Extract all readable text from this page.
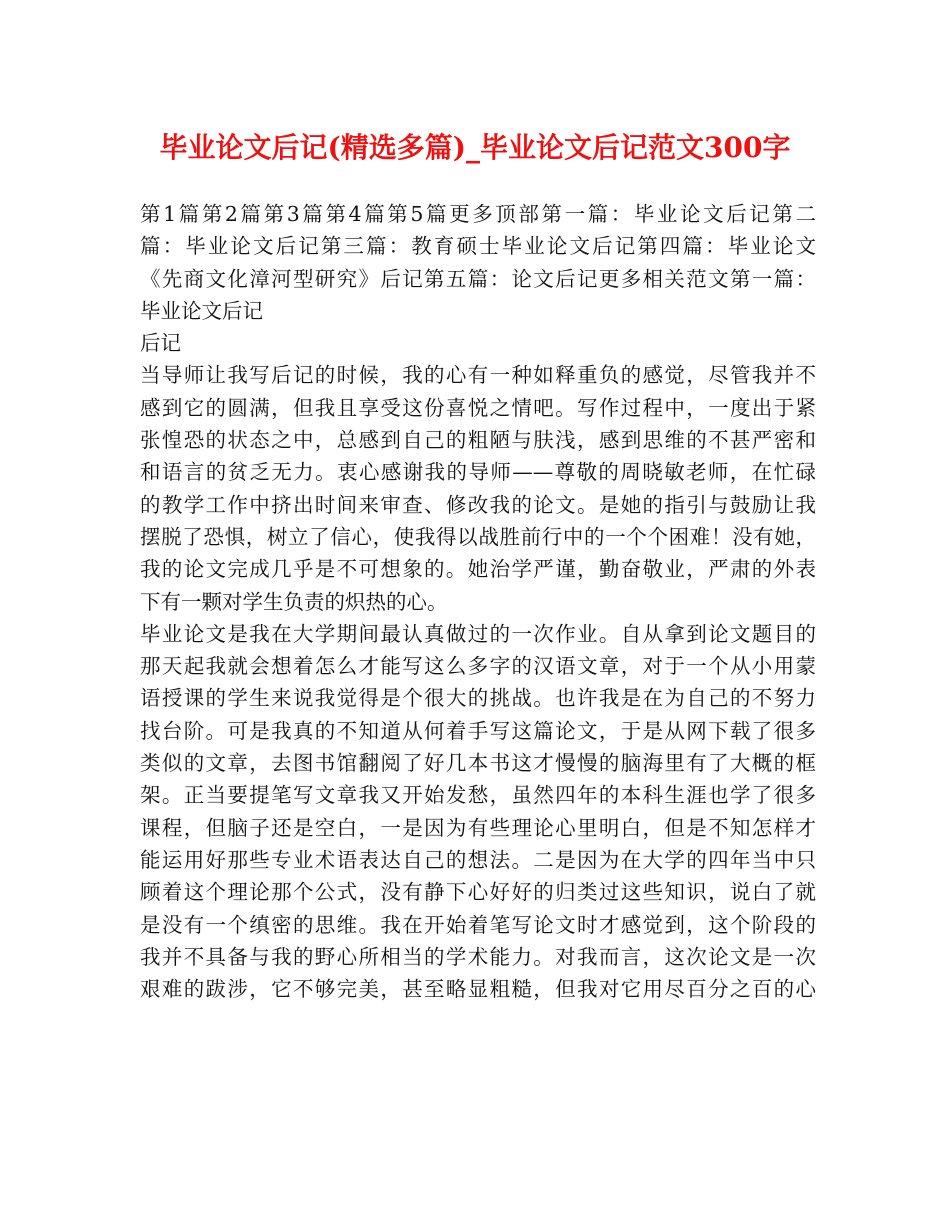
毕业论文后记(精选多篇)_毕业论文后记范文300字
第1篇第2篇第3篇第4篇第5篇更多顶部第一篇：毕业论文后记第二
篇：毕业论文后记第三篇：教育硕士毕业论文后记第四篇：毕业论文
《先商文化漳河型研究》后记第五篇：论文后记更多相关范文第一篇：
毕业论文后记
后记
当导师让我写后记的时候，我的心有一种如释重负的感觉，尽管我并不
感到它的圆满，但我且享受这份喜悦之情吧。写作过程中，一度出于紧
张惶恐的状态之中，总感到自己的粗陋与肤浅，感到思维的不甚严密和
和语言的贫乏无力。衷心感谢我的导师——尊敬的周晓敏老师，在忙碌
的教学工作中挤出时间来审查、修改我的论文。是她的指引与鼓励让我
摆脱了恐惧，树立了信心，使我得以战胜前行中的一个个困难！没有她，
我的论文完成几乎是不可想象的。她治学严谨，勤奋敬业，严肃的外表
下有一颗对学生负责的炽热的心。
毕业论文是我在大学期间最认真做过的一次作业。自从拿到论文题目的
那天起我就会想着怎么才能写这么多字的汉语文章，对于一个从小用蒙
语授课的学生来说我觉得是个很大的挑战。也许我是在为自己的不努力
找台阶。可是我真的不知道从何着手写这篇论文，于是从网下载了很多
类似的文章，去图书馆翻阅了好几本书这才慢慢的脑海里有了大概的框
架。正当要提笔写文章我又开始发愁，虽然四年的本科生涯也学了很多
课程，但脑子还是空白，一是因为有些理论心里明白，但是不知怎样才
能运用好那些专业术语表达自己的想法。二是因为在大学的四年当中只
顾着这个理论那个公式，没有静下心好好的归类过这些知识，说白了就
是没有一个缜密的思维。我在开始着笔写论文时才感觉到，这个阶段的
我并不具备与我的野心所相当的学术能力。对我而言，这次论文是一次
艰难的跋涉，它不够完美，甚至略显粗糙，但我对它用尽百分之百的心
